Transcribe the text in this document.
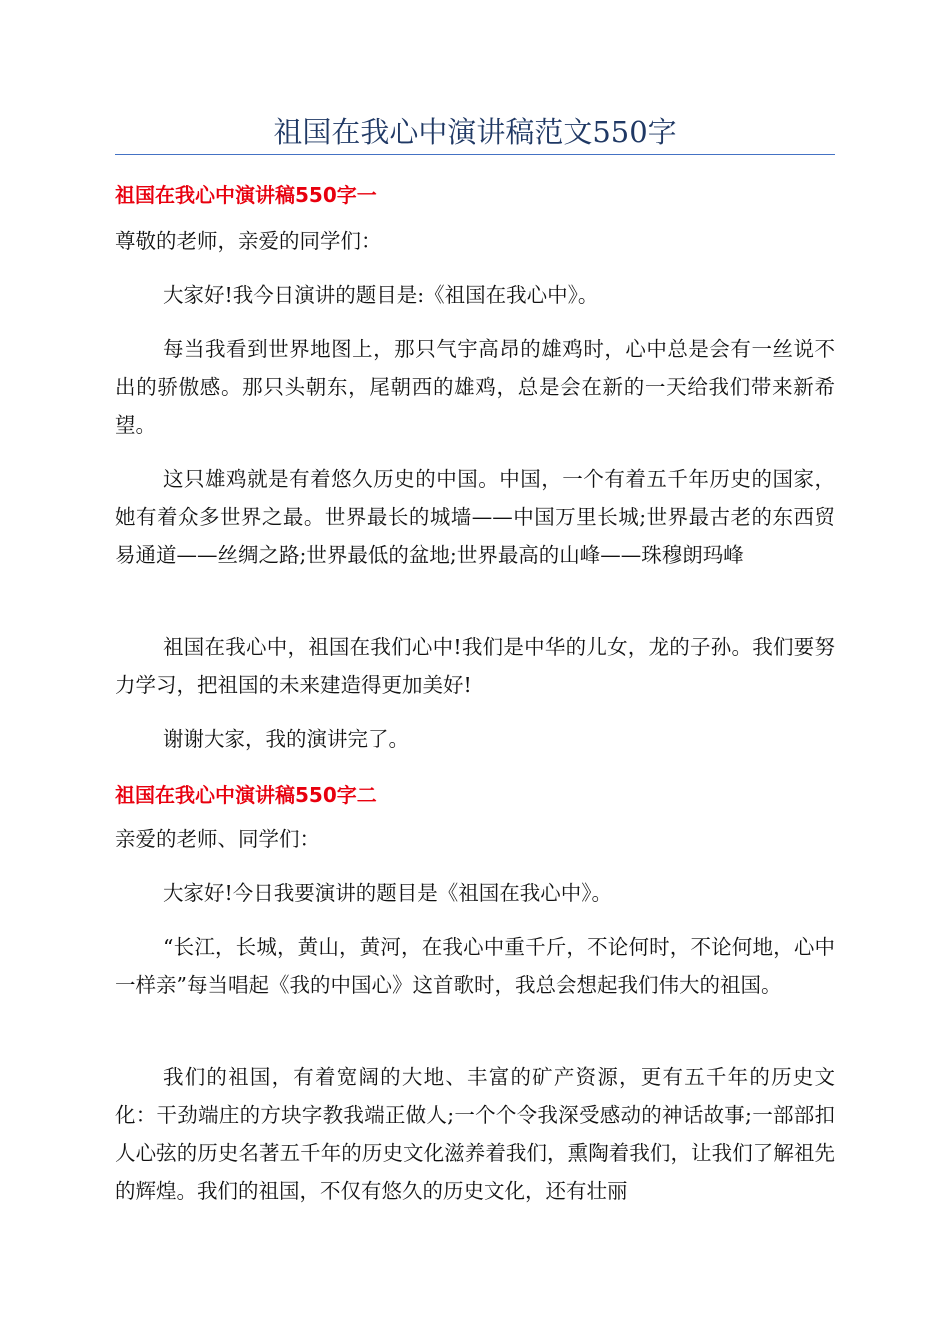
祖国在我心中演讲稿范文550字
祖国在我心中演讲稿550字一

尊敬的老师，亲爱的同学们：

大家好!我今日演讲的题目是:《祖国在我心中》。

每当我看到世界地图上，那只气宇高昂的雄鸡时，心中总是会有一丝说不出的骄傲感。那只头朝东，尾朝西的雄鸡，总是会在新的一天给我们带来新希望。

这只雄鸡就是有着悠久历史的中国。中国，一个有着五千年历史的国家，她有着众多世界之最。世界最长的城墙——中国万里长城;世界最古老的东西贸易通道——丝绸之路;世界最低的盆地;世界最高的山峰——珠穆朗玛峰

祖国在我心中，祖国在我们心中!我们是中华的儿女，龙的子孙。我们要努力学习，把祖国的未来建造得更加美好!

谢谢大家，我的演讲完了。

祖国在我心中演讲稿550字二

亲爱的老师、同学们：

大家好!今日我要演讲的题目是《祖国在我心中》。

“长江，长城，黄山，黄河，在我心中重千斤，不论何时，不论何地，心中一样亲”每当唱起《我的中国心》这首歌时，我总会想起我们伟大的祖国。

我们的祖国，有着宽阔的大地、丰富的矿产资源，更有五千年的历史文化：干劲端庄的方块字教我端正做人;一个个令我深受感动的神话故事;一部部扣人心弦的历史名著五千年的历史文化滋养着我们，熏陶着我们，让我们了解祖先的辉煌。我们的祖国，不仅有悠久的历史文化，还有壮丽
